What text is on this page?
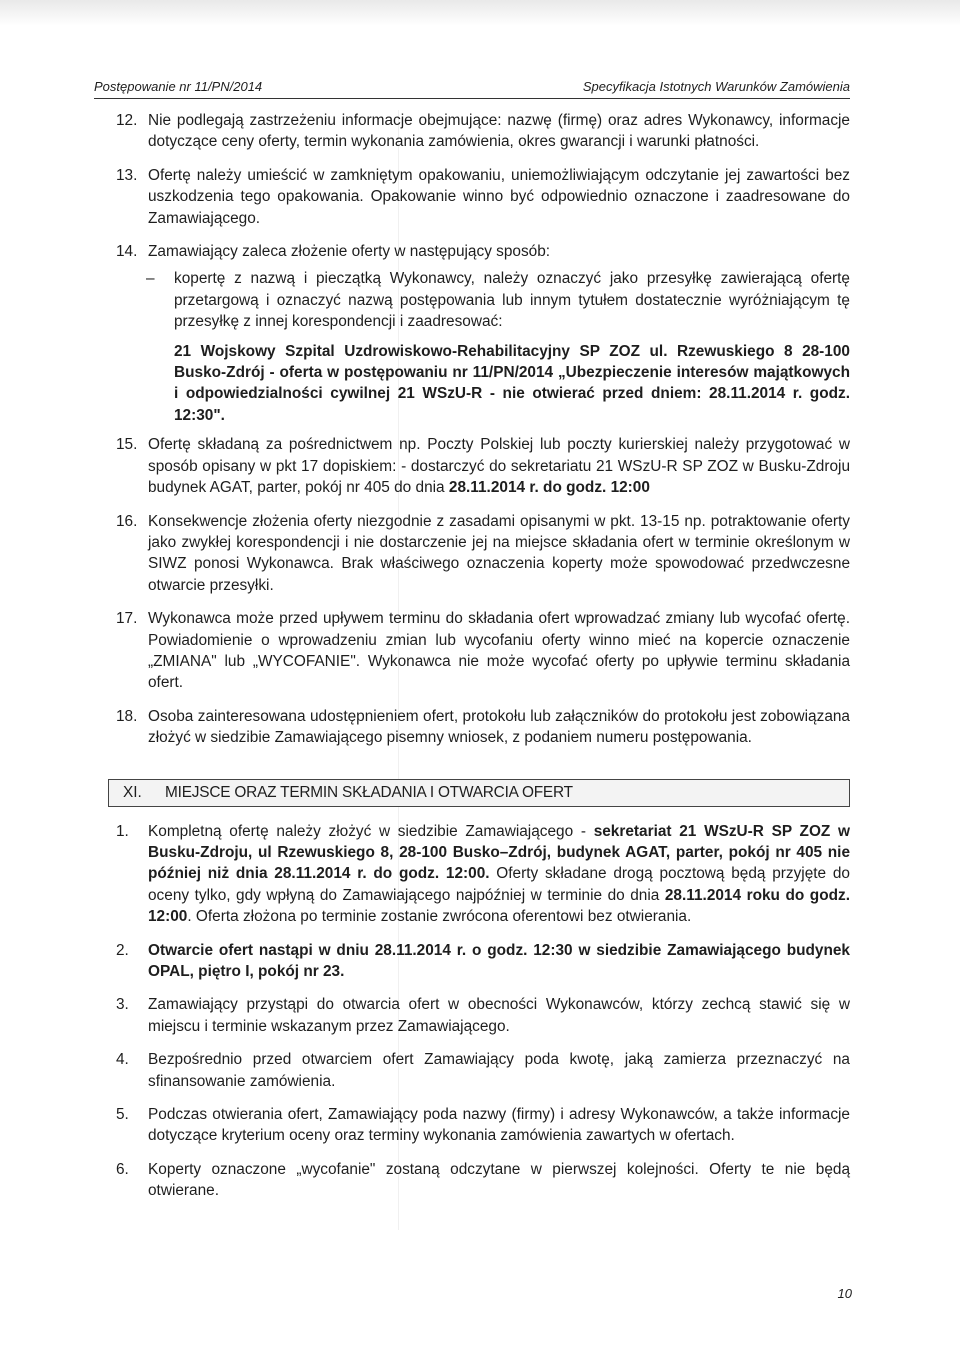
Postępowanie nr 11/PN/2014	Specyfikacja Istotnych Warunków Zamówienia
12. Nie podlegają zastrzeżeniu informacje obejmujące: nazwę (firmę) oraz adres Wykonawcy, informacje dotyczące ceny oferty, termin wykonania zamówienia, okres gwarancji i warunki płatności.
13. Ofertę należy umieścić w zamkniętym opakowaniu, uniemożliwiającym odczytanie jej zawartości bez uszkodzenia tego opakowania. Opakowanie winno być odpowiednio oznaczone i zaadresowane do Zamawiającego.
14. Zamawiający zaleca złożenie oferty w następujący sposób:
– kopertę z nazwą i pieczątką Wykonawcy, należy oznaczyć jako przesyłkę zawierającą ofertę przetargową i oznaczyć nazwą postępowania lub innym tytułem dostatecznie wyróżniającym tę przesyłkę z innej korespondencji i zaadresować:
21 Wojskowy Szpital Uzdrowiskowo-Rehabilitacyjny SP ZOZ ul. Rzewuskiego 8 28-100 Busko-Zdrój - oferta w postępowaniu nr 11/PN/2014 „Ubezpieczenie interesów majątkowych i odpowiedzialności cywilnej 21 WSzU-R - nie otwierać przed dniem: 28.11.2014 r. godz. 12:30".
15. Ofertę składaną za pośrednictwem np. Poczty Polskiej lub poczty kurierskiej należy przygotować w sposób opisany w pkt 17 dopiskiem: - dostarczyć do sekretariatu 21 WSzU-R SP ZOZ w Busku-Zdroju budynek AGAT, parter, pokój nr 405 do dnia 28.11.2014 r. do godz. 12:00
16. Konsekwencje złożenia oferty niezgodnie z zasadami opisanymi w pkt. 13-15 np. potraktowanie oferty jako zwykłej korespondencji i nie dostarczenie jej na miejsce składania ofert w terminie określonym w SIWZ ponosi Wykonawca. Brak właściwego oznaczenia koperty może spowodować przedwczesne otwarcie przesyłki.
17. Wykonawca może przed upływem terminu do składania ofert wprowadzać zmiany lub wycofać ofertę. Powiadomienie o wprowadzeniu zmian lub wycofaniu oferty winno mieć na kopercie oznaczenie „ZMIANA" lub „WYCOFANIE". Wykonawca nie może wycofać oferty po upływie terminu składania ofert.
18. Osoba zainteresowana udostępnieniem ofert, protokołu lub załączników do protokołu jest zobowiązana złożyć w siedzibie Zamawiającego pisemny wniosek, z podaniem numeru postępowania.
XI. MIEJSCE ORAZ TERMIN SKŁADANIA I OTWARCIA OFERT
1. Kompletną ofertę należy złożyć w siedzibie Zamawiającego - sekretariat 21 WSzU-R SP ZOZ w Busku-Zdroju, ul Rzewuskiego 8, 28-100 Busko–Zdrój, budynek AGAT, parter, pokój nr 405 nie później niż dnia 28.11.2014 r. do godz. 12:00. Oferty składane drogą pocztową będą przyjęte do oceny tylko, gdy wpłyną do Zamawiającego najpóźniej w terminie do dnia 28.11.2014 roku do godz. 12:00. Oferta złożona po terminie zostanie zwrócona oferentowi bez otwierania.
2. Otwarcie ofert nastąpi w dniu 28.11.2014 r. o godz. 12:30 w siedzibie Zamawiającego budynek OPAL, piętro I, pokój nr 23.
3. Zamawiający przystąpi do otwarcia ofert w obecności Wykonawców, którzy zechcą stawić się w miejscu i terminie wskazanym przez Zamawiającego.
4. Bezpośrednio przed otwarciem ofert Zamawiający poda kwotę, jaką zamierza przeznaczyć na sfinansowanie zamówienia.
5. Podczas otwierania ofert, Zamawiający poda nazwy (firmy) i adresy Wykonawców, a także informacje dotyczące kryterium oceny oraz terminy wykonania zamówienia zawartych w ofertach.
6. Koperty oznaczone „wycofanie" zostaną odczytane w pierwszej kolejności. Oferty te nie będą otwierane.
10
